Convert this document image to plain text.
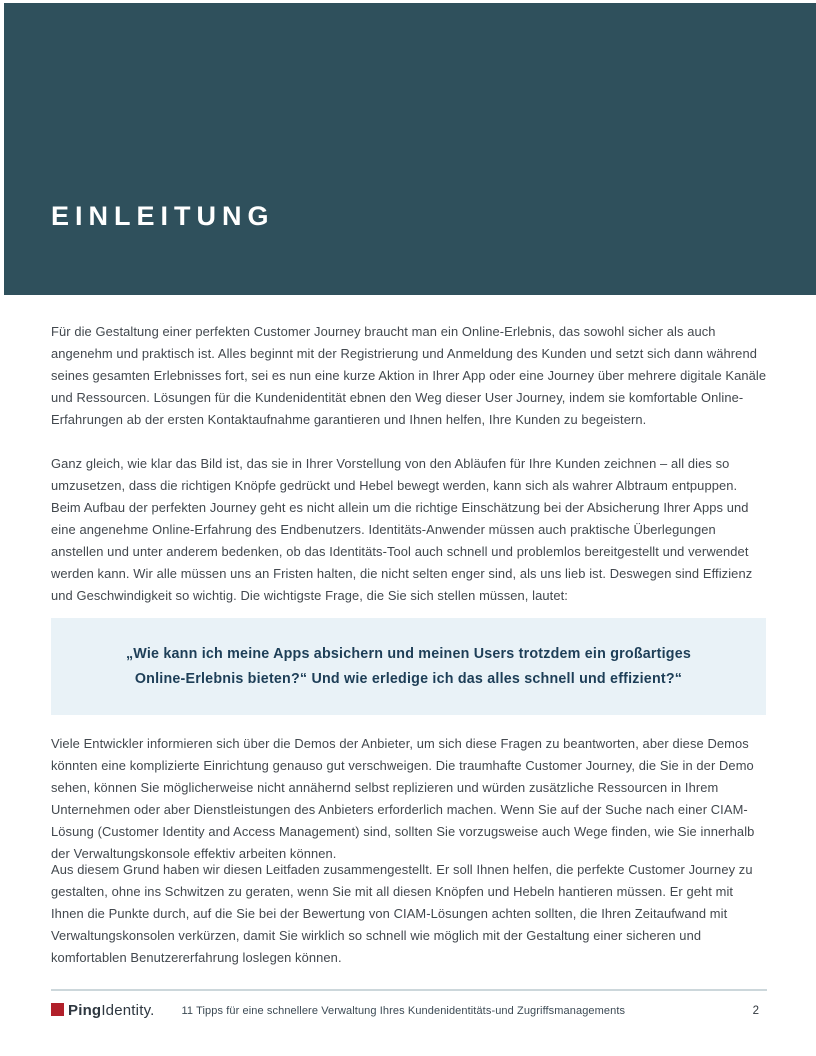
EINLEITUNG

Für die Gestaltung einer perfekten Customer Journey braucht man ein Online-Erlebnis, das sowohl sicher als auch angenehm und praktisch ist. Alles beginnt mit der Registrierung und Anmeldung des Kunden und setzt sich dann während seines gesamten Erlebnisses fort, sei es nun eine kurze Aktion in Ihrer App oder eine Journey über mehrere digitale Kanäle und Ressourcen. Lösungen für die Kundenidentität ebnen den Weg dieser User Journey, indem sie komfortable Online-Erfahrungen ab der ersten Kontaktaufnahme garantieren und Ihnen helfen, Ihre Kunden zu begeistern.

Ganz gleich, wie klar das Bild ist, das sie in Ihrer Vorstellung von den Abläufen für Ihre Kunden zeichnen – all dies so umzusetzen, dass die richtigen Knöpfe gedrückt und Hebel bewegt werden, kann sich als wahrer Albtraum entpuppen. Beim Aufbau der perfekten Journey geht es nicht allein um die richtige Einschätzung bei der Absicherung Ihrer Apps und eine angenehme Online-Erfahrung des Endbenutzers. Identitäts-Anwender müssen auch praktische Überlegungen anstellen und unter anderem bedenken, ob das Identitäts-Tool auch schnell und problemlos bereitgestellt und verwendet werden kann. Wir alle müssen uns an Fristen halten, die nicht selten enger sind, als uns lieb ist. Deswegen sind Effizienz und Geschwindigkeit so wichtig. Die wichtigste Frage, die Sie sich stellen müssen, lautet:

„Wie kann ich meine Apps absichern und meinen Users trotzdem ein großartiges Online-Erlebnis bieten?“ Und wie erledige ich das alles schnell und effizient?“

Viele Entwickler informieren sich über die Demos der Anbieter, um sich diese Fragen zu beantworten, aber diese Demos könnten eine komplizierte Einrichtung genauso gut verschweigen. Die traumhafte Customer Journey, die Sie in der Demo sehen, können Sie möglicherweise nicht annähernd selbst replizieren und würden zusätzliche Ressourcen in Ihrem Unternehmen oder aber Dienstleistungen des Anbieters erforderlich machen. Wenn Sie auf der Suche nach einer CIAM-Lösung (Customer Identity and Access Management) sind, sollten Sie vorzugsweise auch Wege finden, wie Sie innerhalb der Verwaltungskonsole effektiv arbeiten können.

Aus diesem Grund haben wir diesen Leitfaden zusammengestellt. Er soll Ihnen helfen, die perfekte Customer Journey zu gestalten, ohne ins Schwitzen zu geraten, wenn Sie mit all diesen Knöpfen und Hebeln hantieren müssen. Er geht mit Ihnen die Punkte durch, auf die Sie bei der Bewertung von CIAM-Lösungen achten sollten, die Ihren Zeitaufwand mit Verwaltungskonsolen verkürzen, damit Sie wirklich so schnell wie möglich mit der Gestaltung einer sicheren und komfortablen Benutzererfahrung loslegen können.

Ping Identity. 11 Tipps für eine schnellere Verwaltung Ihres Kundenidentitäts-und Zugriffsmanagements	2
